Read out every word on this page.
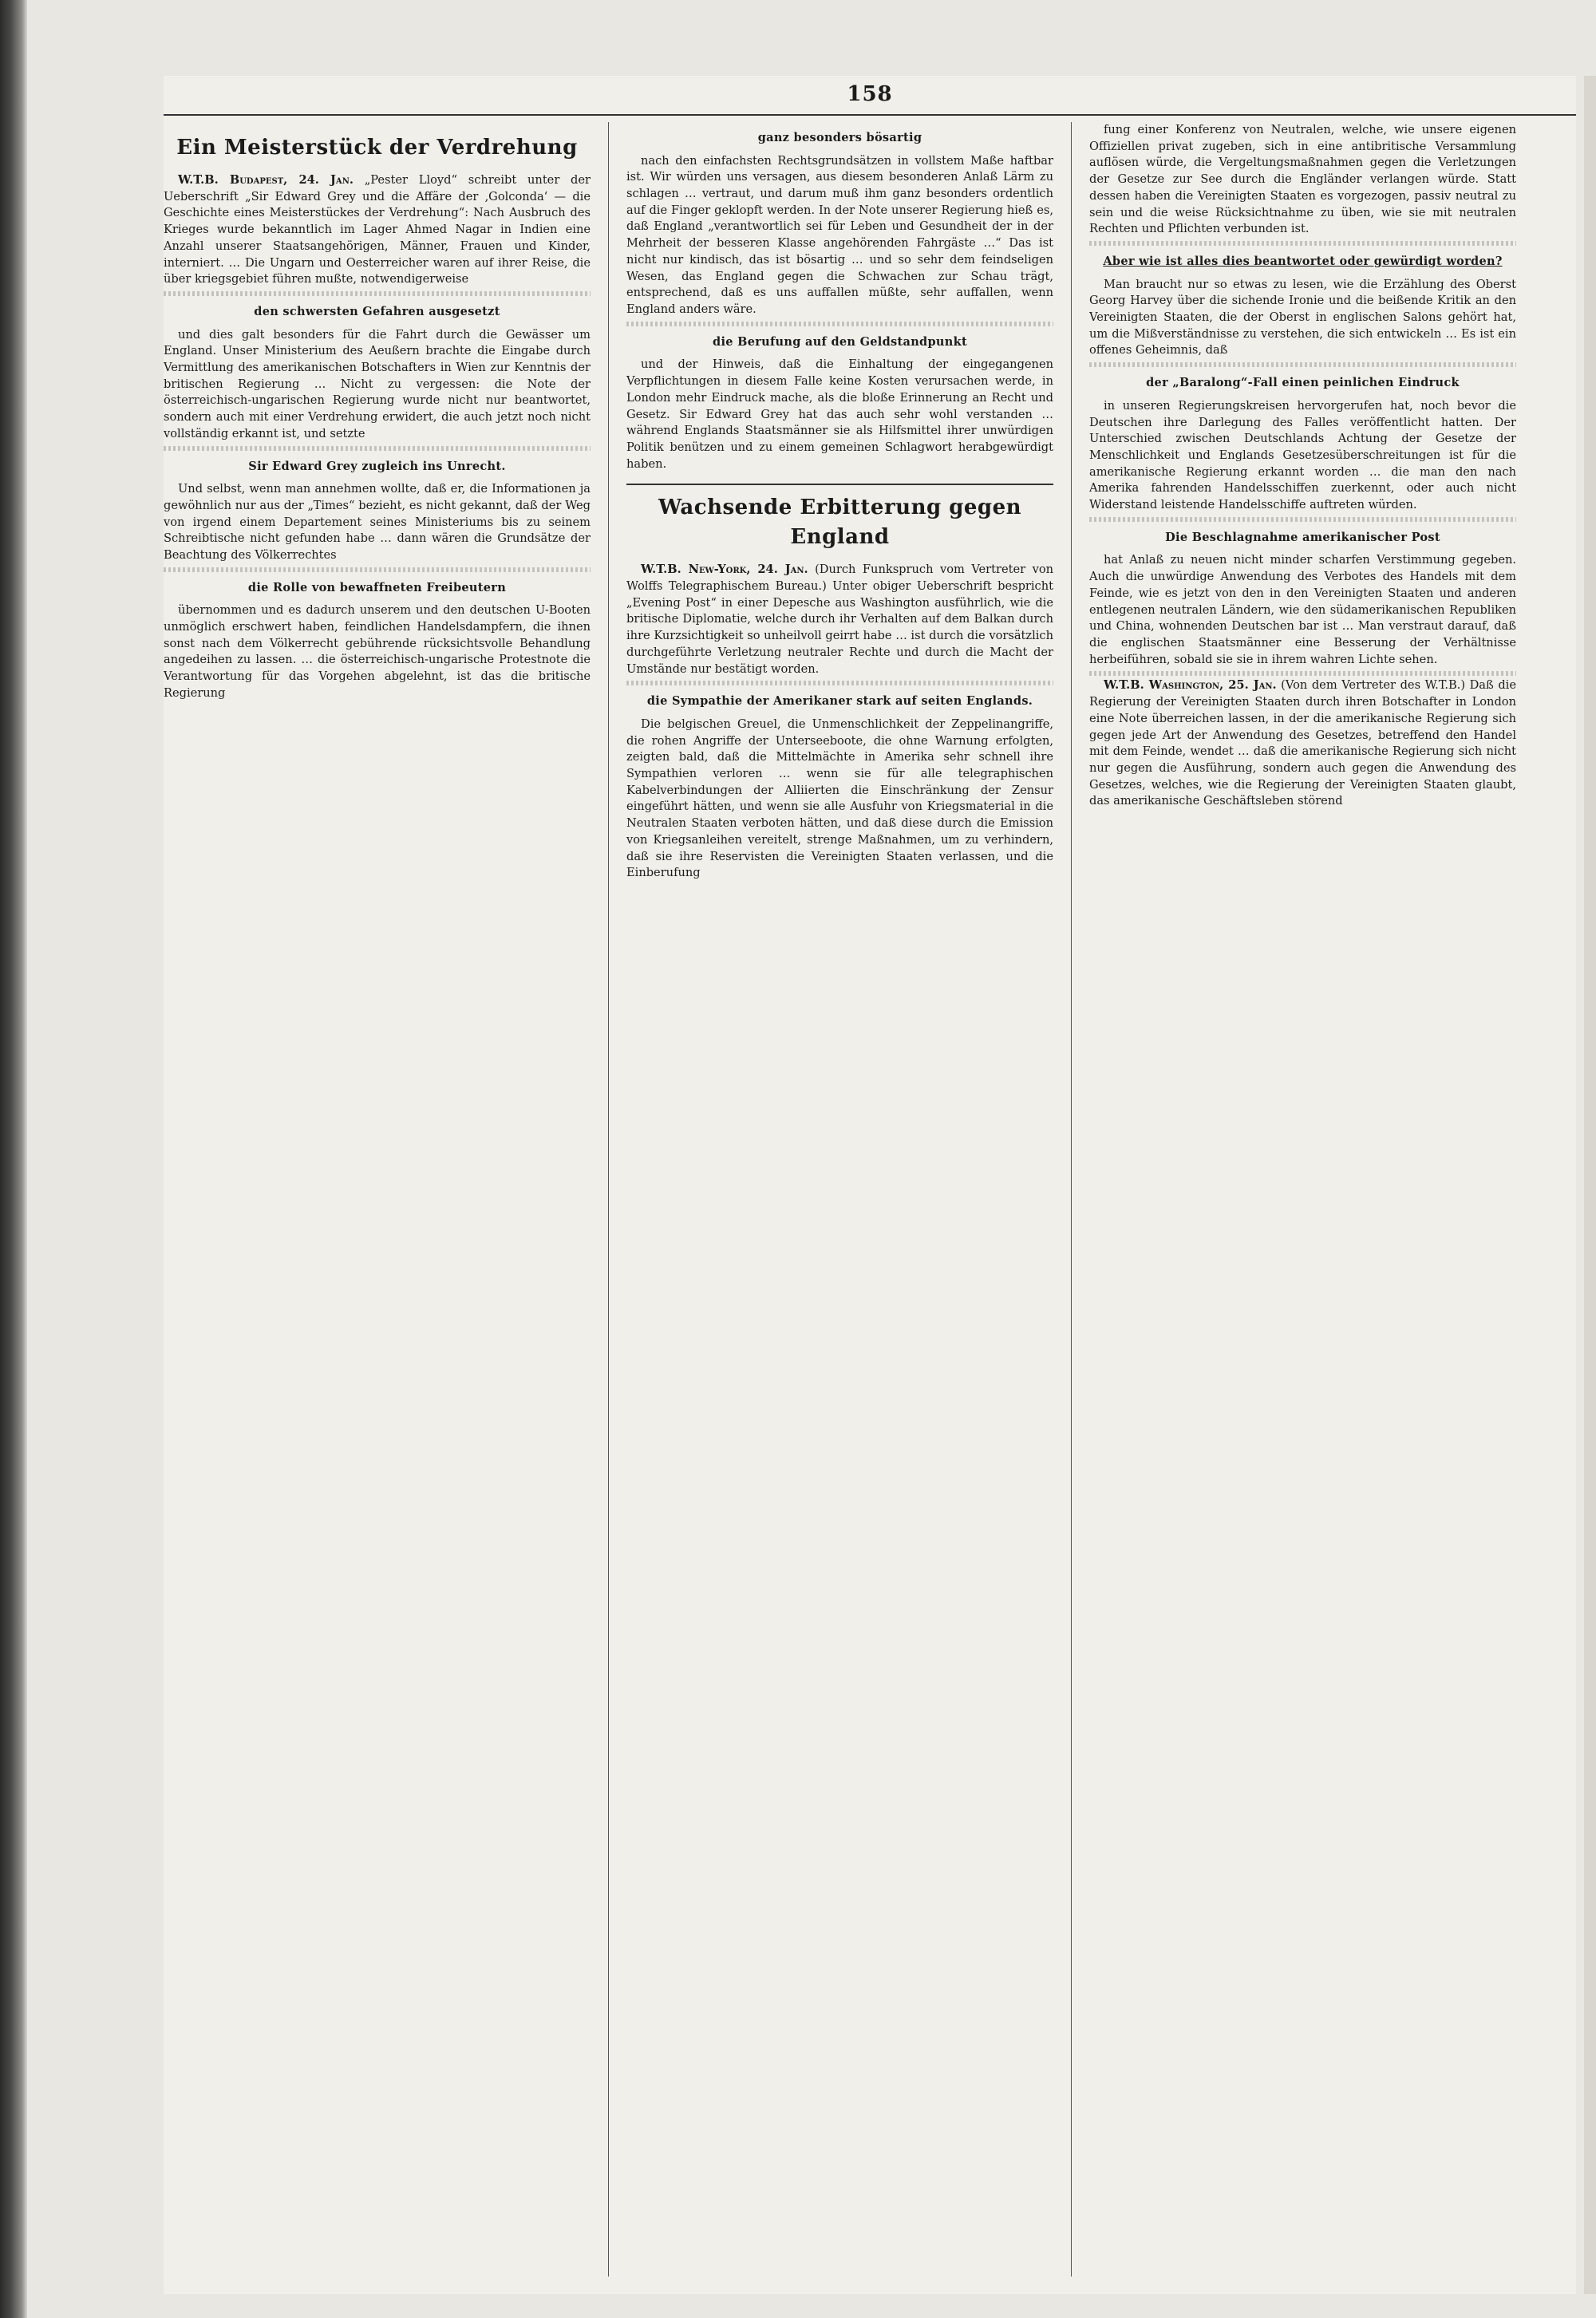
158
Ein Meisterstück der Verdrehung

W.T.B. Budapest, 24. Jan. „Pester Lloyd“ schreibt unter der Ueberschrift „Sir Edward Grey und die Affäre der ‚Golconda‘ — die Geschichte eines Meisterstückes der Verdrehung“: Nach Ausbruch des Krieges wurde bekanntlich im Lager Ahmed Nagar in Indien eine Anzahl unserer Staatsangehörigen, Männer, Frauen und Kinder, interniert. … Die Ungarn und Oesterreicher waren auf ihrer Reise, die über kriegsgebiet führen mußte, notwendigerweise

den schwersten Gefahren ausgesetzt

und dies galt besonders für die Fahrt durch die Gewässer um England. Unser Ministerium des Aeußern brachte die Eingabe durch Vermittlung des amerikanischen Botschafters in Wien zur Kenntnis der britischen Regierung … Nicht zu vergessen: die Note der österreichisch-ungarischen Regierung wurde nicht nur beantwortet, sondern auch mit einer Verdrehung erwidert, die auch jetzt noch nicht vollständig erkannt ist, und setzte

Sir Edward Grey zugleich ins Unrecht.

Und selbst, wenn man annehmen wollte, daß er, die Informationen ja gewöhnlich nur aus der „Times“ bezieht, es nicht gekannt, daß der Weg von irgend einem Departement seines Ministeriums bis zu seinem Schreibtische nicht gefunden habe … dann wären die Grundsätze der Beachtung des Völkerrechtes

die Rolle von bewaffneten Freibeutern

übernommen und es dadurch unserem und den deutschen U-Booten unmöglich erschwert haben, feindlichen Handelsdampfern, die ihnen sonst nach dem Völkerrecht gebührende rücksichtsvolle Behandlung angedeihen zu lassen. … die österreichisch-ungarische Protestnote die Verantwortung für das Vorgehen abgelehnt, ist das die britische Regierung

ganz besonders bösartig

nach den einfachsten Rechtsgrundsätzen in vollstem Maße haftbar ist. Wir würden uns versagen, aus diesem besonderen Anlaß Lärm zu schlagen … vertraut, und darum muß ihm ganz besonders ordentlich auf die Finger geklopft werden. In der Note unserer Regierung hieß es, daß England „verantwortlich sei für Leben und Gesundheit der in der Mehrheit der besseren Klasse angehörenden Fahrgäste …“ Das ist nicht nur kindisch, das ist bösartig … und so sehr dem feindseligen Wesen, das England gegen die Schwachen zur Schau trägt, entsprechend, daß es uns auffallen müßte, sehr auffallen, wenn England anders wäre.

die Berufung auf den Geldstandpunkt

und der Hinweis, daß die Einhaltung der eingegangenen Verpflichtungen in diesem Falle keine Kosten verursachen werde, in London mehr Eindruck mache, als die bloße Erinnerung an Recht und Gesetz. Sir Edward Grey hat das auch sehr wohl verstanden … während Englands Staatsmänner sie als Hilfsmittel ihrer unwürdigen Politik benützen und zu einem gemeinen Schlagwort herabgewürdigt haben.

Wachsende Erbitterung gegen England

W.T.B. New-York, 24. Jan. (Durch Funkspruch vom Vertreter von Wolffs Telegraphischem Bureau.) Unter obiger Ueberschrift bespricht „Evening Post“ in einer Depesche aus Washington ausführlich, wie die britische Diplomatie, welche durch ihr Verhalten auf dem Balkan durch ihre Kurzsichtigkeit so unheilvoll geirrt habe … ist durch die vorsätzlich durchgeführte Verletzung neutraler Rechte und durch die Macht der Umstände nur bestätigt worden.

die Sympathie der Amerikaner stark auf seiten Englands.

Die belgischen Greuel, die Unmenschlichkeit der Zeppelinangriffe, die rohen Angriffe der Unterseeboote, die ohne Warnung erfolgten, zeigten bald, daß die Mittelmächte in Amerika sehr schnell ihre Sympathien verloren … wenn sie für alle telegraphischen Kabelverbindungen der Alliierten die Einschränkung der Zensur eingeführt hätten, und wenn sie alle Ausfuhr von Kriegsmaterial in die Neutralen Staaten verboten hätten, und daß diese durch die Emission von Kriegsanleihen vereitelt, strenge Maßnahmen, um zu verhindern, daß sie ihre Reservisten die Vereinigten Staaten verlassen, und die Einberufung

fung einer Konferenz von Neutralen, welche, wie unsere eigenen Offiziellen privat zugeben, sich in eine antibritische Versammlung auflösen würde, die Vergeltungsmaßnahmen gegen die Verletzungen der Gesetze zur See durch die Engländer verlangen würde. Statt dessen haben die Vereinigten Staaten es vorgezogen, passiv neutral zu sein und die weise Rücksichtnahme zu üben, wie sie mit neutralen Rechten und Pflichten verbunden ist.

Aber wie ist alles dies beantwortet oder gewürdigt worden?

Man braucht nur so etwas zu lesen, wie die Erzählung des Oberst Georg Harvey über die sichende Ironie und die beißende Kritik an den Vereinigten Staaten, die der Oberst in englischen Salons gehört hat, um die Mißverständnisse zu verstehen, die sich entwickeln … Es ist ein offenes Geheimnis, daß

der „Baralong“-Fall einen peinlichen Eindruck

in unseren Regierungskreisen hervorgerufen hat, noch bevor die Deutschen ihre Darlegung des Falles veröffentlicht hatten. Der Unterschied zwischen Deutschlands Achtung der Gesetze der Menschlichkeit und Englands Gesetzesüberschreitungen ist für die amerikanische Regierung erkannt worden … die man den nach Amerika fahrenden Handelsschiffen zuerkennt, oder auch nicht Widerstand leistende Handelsschiffe auftreten würden.

Die Beschlagnahme amerikanischer Post

hat Anlaß zu neuen nicht minder scharfen Verstimmung gegeben. Auch die unwürdige Anwendung des Verbotes des Handels mit dem Feinde, wie es jetzt von den in den Vereinigten Staaten und anderen entlegenen neutralen Ländern, wie den südamerikanischen Republiken und China, wohnenden Deutschen bar ist … Man verstraut darauf, daß die englischen Staatsmänner eine Besserung der Verhältnisse herbeiführen, sobald sie sie in ihrem wahren Lichte sehen.

W.T.B. Washington, 25. Jan. (Von dem Vertreter des W.T.B.) Daß die Regierung der Vereinigten Staaten durch ihren Botschafter in London eine Note überreichen lassen, in der die amerikanische Regierung sich gegen jede Art der Anwendung des Gesetzes, betreffend den Handel mit dem Feinde, wendet … daß die amerikanische Regierung sich nicht nur gegen die Ausführung, sondern auch gegen die Anwendung des Gesetzes, welches, wie die Regierung der Vereinigten Staaten glaubt, das amerikanische Geschäftsleben störend
